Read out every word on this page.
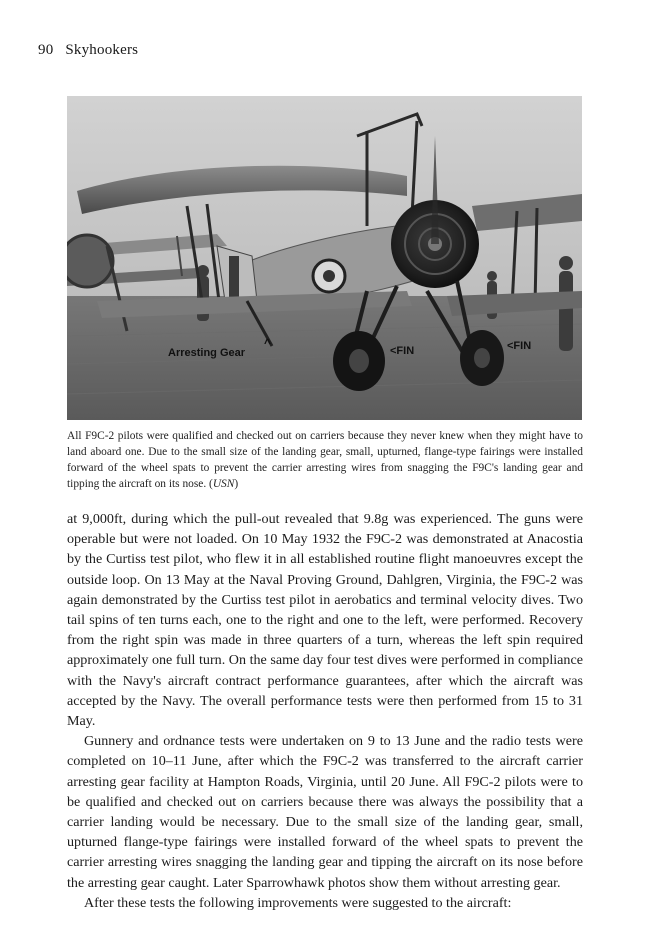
90 Skyhookers
Arresting Gear
^
<FIN	<FIN
All F9C-2 pilots were qualified and checked out on carriers because they never knew when they might have to land aboard one. Due to the small size of the landing gear, small, upturned, flange-type fairings were installed forward of the wheel spats to prevent the carrier arresting wires from snagging the F9C's landing gear and tipping the aircraft on its nose. (USN)

at 9,000ft, during which the pull-out revealed that 9.8g was experienced. The guns were operable but were not loaded. On 10 May 1932 the F9C-2 was demonstrated at Anacostia by the Curtiss test pilot, who flew it in all established routine flight manoeuvres except the outside loop. On 13 May at the Naval Proving Ground, Dahlgren, Virginia, the F9C-2 was again demonstrated by the Curtiss test pilot in aerobatics and terminal velocity dives. Two tail spins of ten turns each, one to the right and one to the left, were performed. Recovery from the right spin was made in three quarters of a turn, whereas the left spin required approximately one full turn. On the same day four test dives were performed in compliance with the Navy's aircraft contract performance guarantees, after which the aircraft was accepted by the Navy. The overall performance tests were then performed from 15 to 31 May.

Gunnery and ordnance tests were undertaken on 9 to 13 June and the radio tests were completed on 10–11 June, after which the F9C-2 was transferred to the aircraft carrier arresting gear facility at Hampton Roads, Virginia, until 20 June. All F9C-2 pilots were to be qualified and checked out on carriers because there was always the possibility that a carrier landing would be necessary. Due to the small size of the landing gear, small, upturned flange-type fairings were installed forward of the wheel spats to prevent the carrier arresting wires snagging the landing gear and tipping the aircraft on its nose before the arresting gear caught. Later Sparrowhawk photos show them without arresting gear.

After these tests the following improvements were suggested to the aircraft:
